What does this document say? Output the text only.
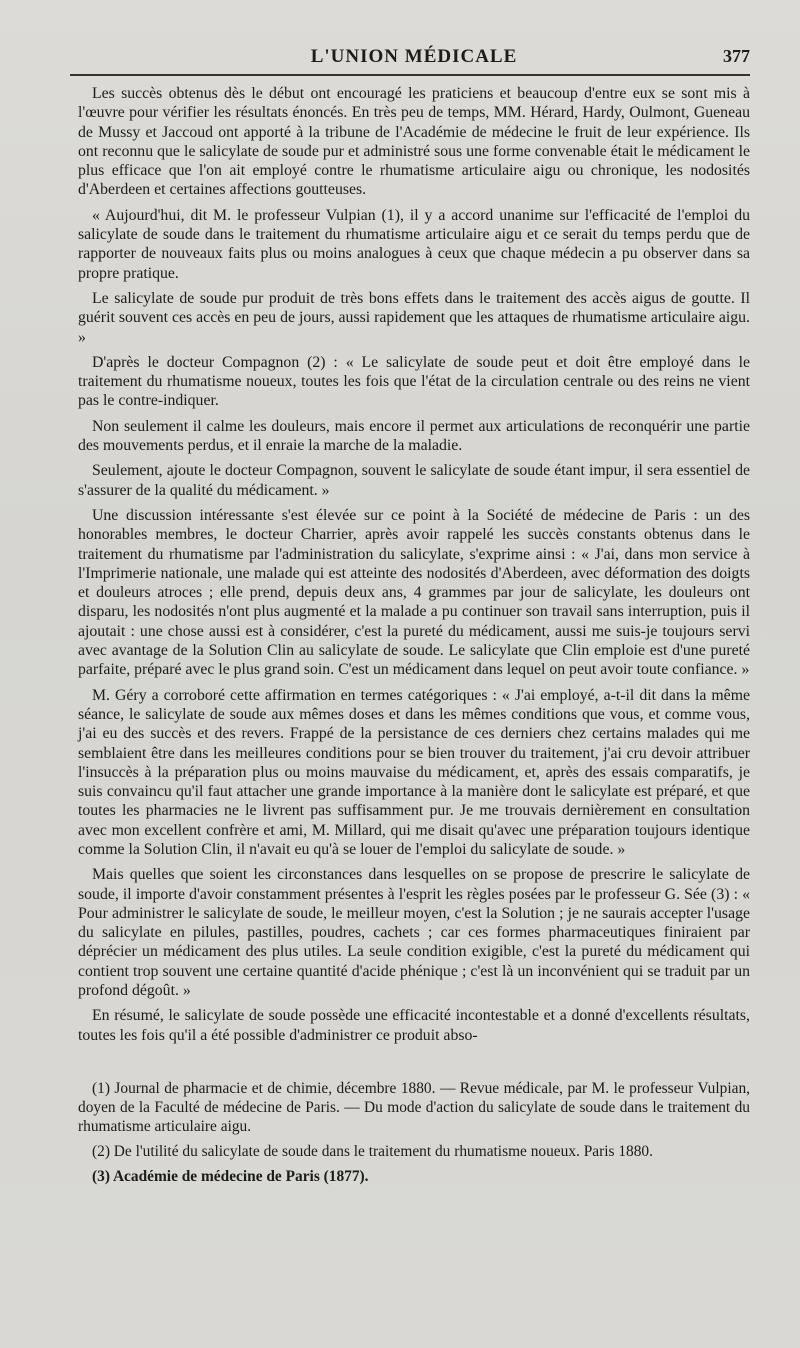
L'UNION MÉDICALE	377

Les succès obtenus dès le début ont encouragé les praticiens et beaucoup d'entre eux se sont mis à l'œuvre pour vérifier les résultats énoncés. En très peu de temps, MM. Hérard, Hardy, Oulmont, Gueneau de Mussy et Jaccoud ont apporté à la tribune de l'Académie de médecine le fruit de leur expérience. Ils ont reconnu que le salicylate de soude pur et administré sous une forme convenable était le médicament le plus efficace que l'on ait employé contre le rhumatisme articulaire aigu ou chronique, les nodosités d'Aberdeen et certaines affections goutteuses.

« Aujourd'hui, dit M. le professeur Vulpian (1), il y a accord unanime sur l'efficacité de l'emploi du salicylate de soude dans le traitement du rhumatisme articulaire aigu et ce serait du temps perdu que de rapporter de nouveaux faits plus ou moins analogues à ceux que chaque médecin a pu observer dans sa propre pratique.

Le salicylate de soude pur produit de très bons effets dans le traitement des accès aigus de goutte. Il guérit souvent ces accès en peu de jours, aussi rapidement que les attaques de rhumatisme articulaire aigu. »

D'après le docteur Compagnon (2) : « Le salicylate de soude peut et doit être employé dans le traitement du rhumatisme noueux, toutes les fois que l'état de la circulation centrale ou des reins ne vient pas le contre-indiquer.

Non seulement il calme les douleurs, mais encore il permet aux articulations de reconquérir une partie des mouvements perdus, et il enraie la marche de la maladie.

Seulement, ajoute le docteur Compagnon, souvent le salicylate de soude étant impur, il sera essentiel de s'assurer de la qualité du médicament. »

Une discussion intéressante s'est élevée sur ce point à la Société de médecine de Paris : un des honorables membres, le docteur Charrier, après avoir rappelé les succès constants obtenus dans le traitement du rhumatisme par l'administration du salicylate, s'exprime ainsi : « J'ai, dans mon service à l'Imprimerie nationale, une malade qui est atteinte des nodosités d'Aberdeen, avec déformation des doigts et douleurs atroces ; elle prend, depuis deux ans, 4 grammes par jour de salicylate, les douleurs ont disparu, les nodosités n'ont plus augmenté et la malade a pu continuer son travail sans interruption, puis il ajoutait : une chose aussi est à considérer, c'est la pureté du médicament, aussi me suis-je toujours servi avec avantage de la Solution Clin au salicylate de soude. Le salicylate que Clin emploie est d'une pureté parfaite, préparé avec le plus grand soin. C'est un médicament dans lequel on peut avoir toute confiance. »

M. Géry a corroboré cette affirmation en termes catégoriques : « J'ai employé, a-t-il dit dans la même séance, le salicylate de soude aux mêmes doses et dans les mêmes conditions que vous, et comme vous, j'ai eu des succès et des revers. Frappé de la persistance de ces derniers chez certains malades qui me semblaient être dans les meilleures conditions pour se bien trouver du traitement, j'ai cru devoir attribuer l'insuccès à la préparation plus ou moins mauvaise du médicament, et, après des essais comparatifs, je suis convaincu qu'il faut attacher une grande importance à la manière dont le salicylate est préparé, et que toutes les pharmacies ne le livrent pas suffisamment pur. Je me trouvais dernièrement en consultation avec mon excellent confrère et ami, M. Millard, qui me disait qu'avec une préparation toujours identique comme la Solution Clin, il n'avait eu qu'à se louer de l'emploi du salicylate de soude. »

Mais quelles que soient les circonstances dans lesquelles on se propose de prescrire le salicylate de soude, il importe d'avoir constamment présentes à l'esprit les règles posées par le professeur G. Sée (3) : « Pour administrer le salicylate de soude, le meilleur moyen, c'est la Solution ; je ne saurais accepter l'usage du salicylate en pilules, pastilles, poudres, cachets ; car ces formes pharmaceutiques finiraient par déprécier un médicament des plus utiles. La seule condition exigible, c'est la pureté du médicament qui contient trop souvent une certaine quantité d'acide phénique ; c'est là un inconvénient qui se traduit par un profond dégoût. »

En résumé, le salicylate de soude possède une efficacité incontestable et a donné d'excellents résultats, toutes les fois qu'il a été possible d'administrer ce produit abso-

(1) Journal de pharmacie et de chimie, décembre 1880. — Revue médicale, par M. le professeur Vulpian, doyen de la Faculté de médecine de Paris. — Du mode d'action du salicylate de soude dans le traitement du rhumatisme articulaire aigu.

(2) De l'utilité du salicylate de soude dans le traitement du rhumatisme noueux. Paris 1880.

(3) Académie de médecine de Paris (1877).
